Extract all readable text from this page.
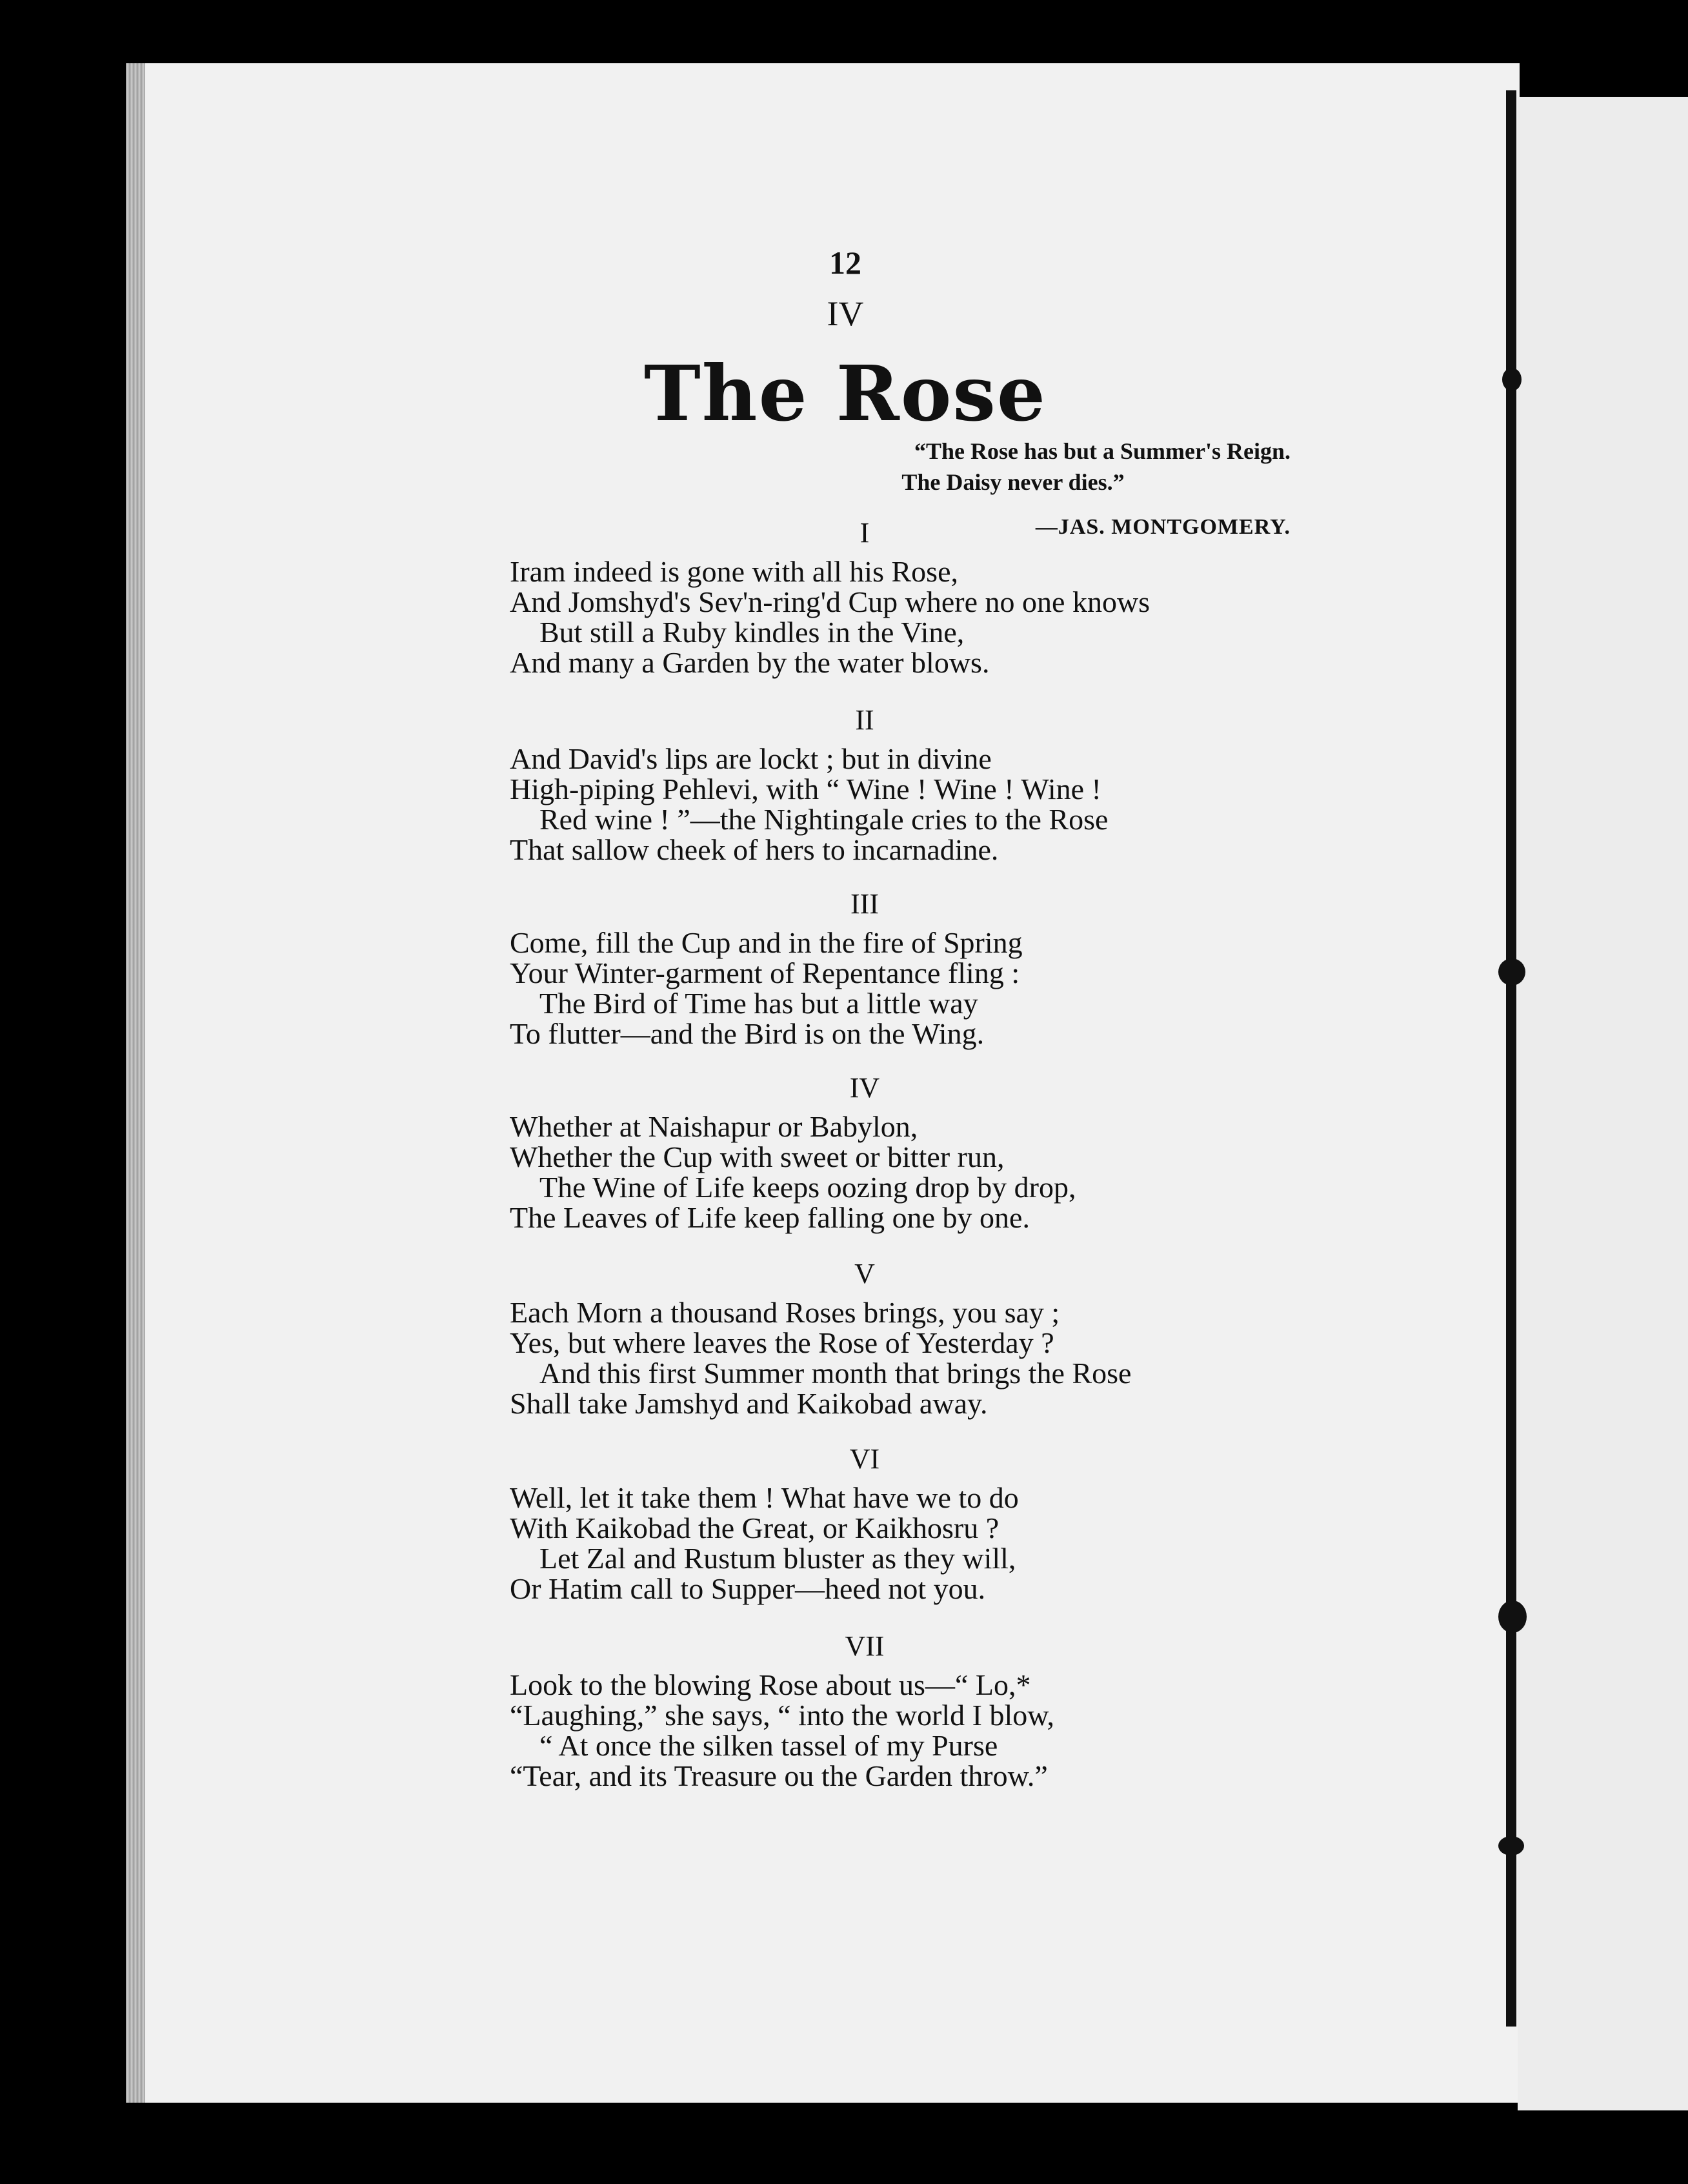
12
IV
The Rose
“The Rose has but a Summer's Reign.
The Daisy never dies.”
—JAS. MONTGOMERY.
I
Iram indeed is gone with all his Rose,
And Jomshyd's Sev'n-ring'd Cup where no one knows
But still a Ruby kindles in the Vine,
And many a Garden by the water blows.
II
And David's lips are lockt ; but in divine
High-piping Pehlevi, with “ Wine ! Wine ! Wine !
Red wine ! ”—the Nightingale cries to the Rose
That sallow cheek of hers to incarnadine.
III
Come, fill the Cup and in the fire of Spring
Your Winter-garment of Repentance fling :
The Bird of Time has but a little way
To flutter—and the Bird is on the Wing.
IV
Whether at Naishapur or Babylon,
Whether the Cup with sweet or bitter run,
The Wine of Life keeps oozing drop by drop,
The Leaves of Life keep falling one by one.
V
Each Morn a thousand Roses brings, you say ;
Yes, but where leaves the Rose of Yesterday ?
And this first Summer month that brings the Rose
Shall take Jamshyd and Kaikobad away.
VI
Well, let it take them ! What have we to do
With Kaikobad the Great, or Kaikhosru ?
Let Zal and Rustum bluster as they will,
Or Hatim call to Supper—heed not you.
VII
Look to the blowing Rose about us—“ Lo,*
“Laughing,” she says, “ into the world I blow,
“ At once the silken tassel of my Purse
“Tear, and its Treasure ou the Garden throw.”
